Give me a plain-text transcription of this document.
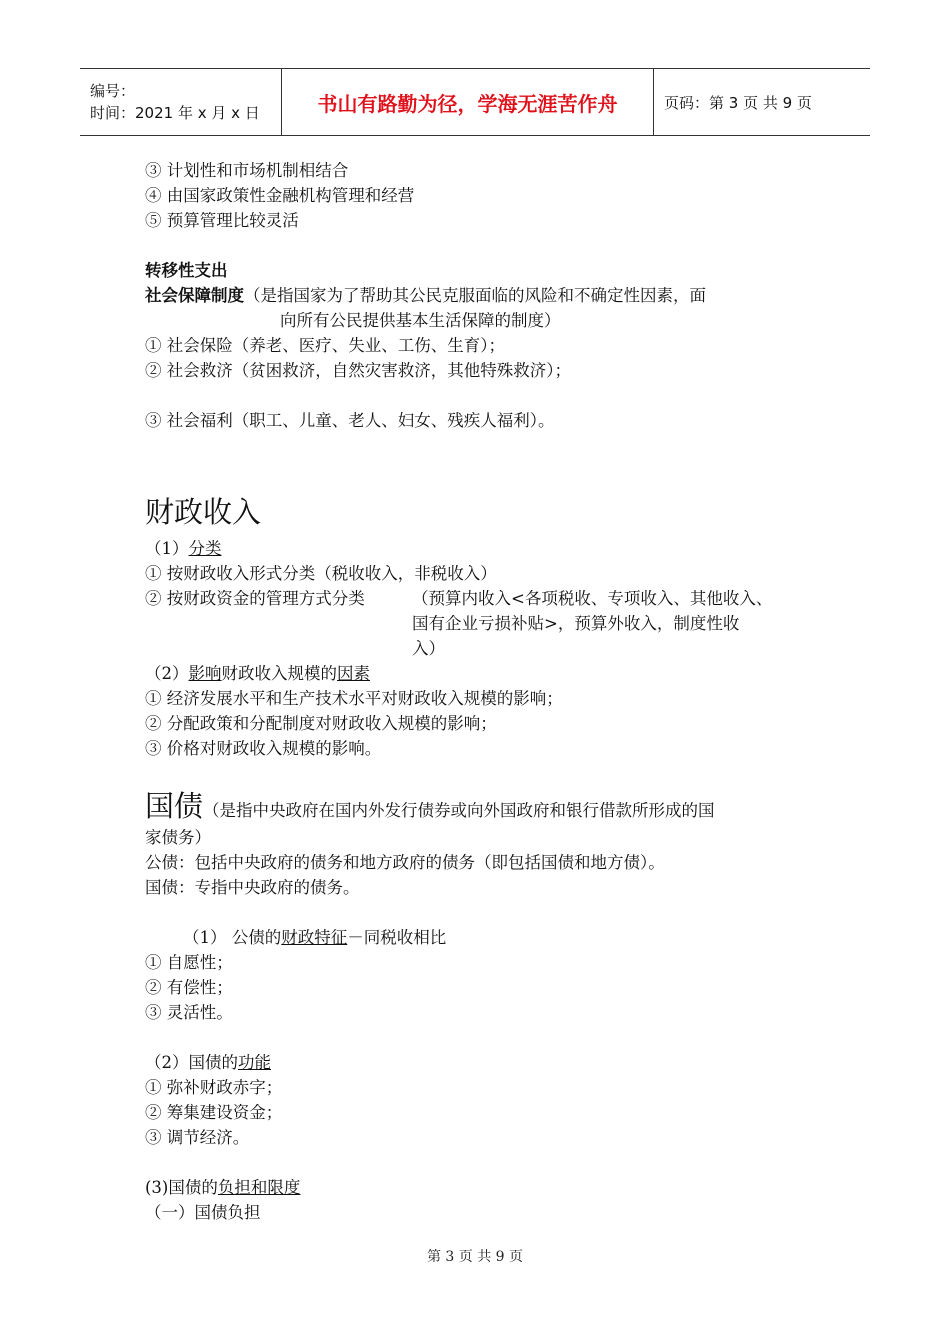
编号：
时间：2021 年 x 月 x 日	书山有路勤为径，学海无涯苦作舟	页码：第 3 页 共 9 页
③ 计划性和市场机制相结合
④ 由国家政策性金融机构管理和经营
⑤ 预算管理比较灵活
转移性支出
社会保障制度（是指国家为了帮助其公民克服面临的风险和不确定性因素，面
向所有公民提供基本生活保障的制度）
① 社会保险（养老、医疗、失业、工伤、生育）；
② 社会救济（贫困救济，自然灾害救济，其他特殊救济）；
③ 社会福利（职工、儿童、老人、妇女、残疾人福利）。
财政收入
（1）分类
① 按财政收入形式分类（税收收入，非税收入）
② 按财政资金的管理方式分类	（预算内收入<各项税收、专项收入、其他收入、
国有企业亏损补贴>，预算外收入，制度性收
入）
（2）影响财政收入规模的因素
① 经济发展水平和生产技术水平对财政收入规模的影响；
② 分配政策和分配制度对财政收入规模的影响；
③ 价格对财政收入规模的影响。
国债（是指中央政府在国内外发行债券或向外国政府和银行借款所形成的国
家债务）
公债：包括中央政府的债务和地方政府的债务（即包括国债和地方债）。
国债：专指中央政府的债务。
（1） 公债的财政特征－同税收相比
① 自愿性；
② 有偿性；
③ 灵活性。
（2）国债的功能
① 弥补财政赤字；
② 筹集建设资金；
③ 调节经济。
(3)国债的负担和限度
（一）国债负担
第 3 页 共 9 页
